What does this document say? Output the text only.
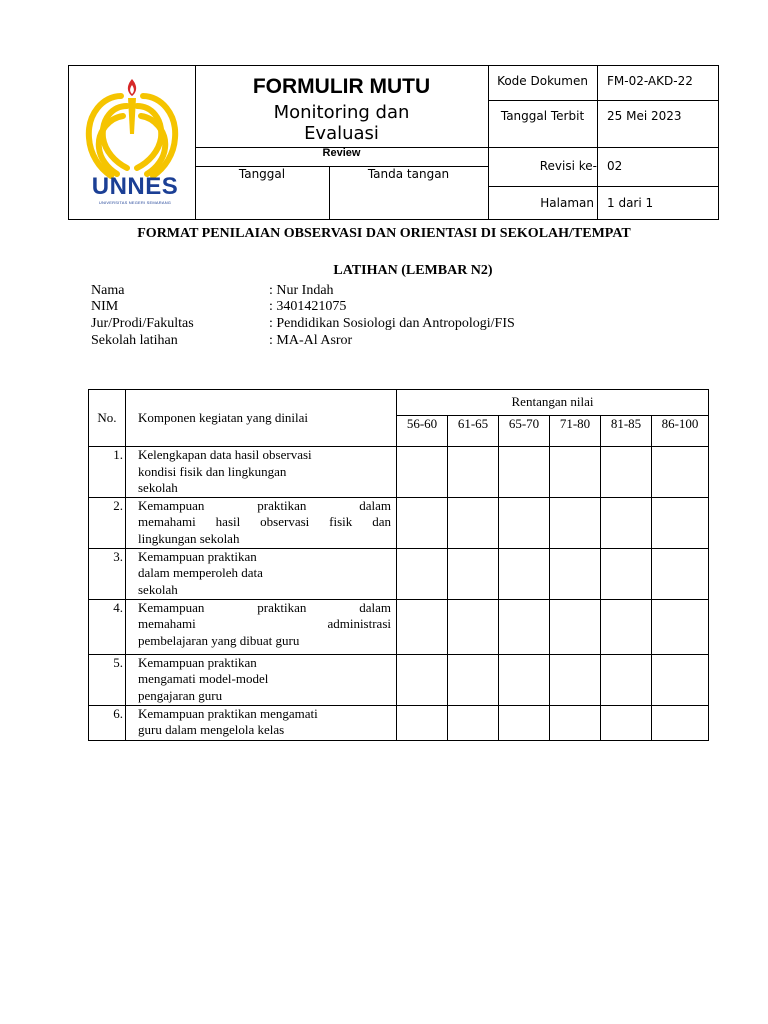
UNNES
UNIVERSITAS NEGERI SEMARANG
FORMULIR MUTU
Monitoring dan
Evaluasi
Review
Tanggal	Tanda tangan
Kode Dokumen	FM-02-AKD-22
Tanggal Terbit	25 Mei 2023
Revisi ke- 02
Halaman 1 dari 1
FORMAT PENILAIAN OBSERVASI DAN ORIENTASI DI SEKOLAH/TEMPAT
LATIHAN (LEMBAR N2)
Nama	: Nur Indah
NIM	: 3401421075
Jur/Prodi/Fakultas	: Pendidikan Sosiologi dan Antropologi/FIS
Sekolah latihan	: MA-Al Asror
No.	Komponen kegiatan yang dinilai	Rentangan nilai					
		56-60	61-65	65-70	71-80	81-85	86-100
1.	Kelengkapan data hasil observasi
kondisi fisik dan lingkungan
sekolah						

2.	Kemampuan praktikan dalam
memahami hasil observasi fisik dan
lingkungan sekolah						

3.	Kemampuan praktikan
dalam memperoleh data
sekolah						

4.	Kemampuan praktikan dalam
memahami administrasi
pembelajaran yang dibuat guru						

5.	Kemampuan praktikan
mengamati model-model
pengajaran guru						

6.	Kemampuan praktikan mengamati
guru dalam mengelola kelas						
